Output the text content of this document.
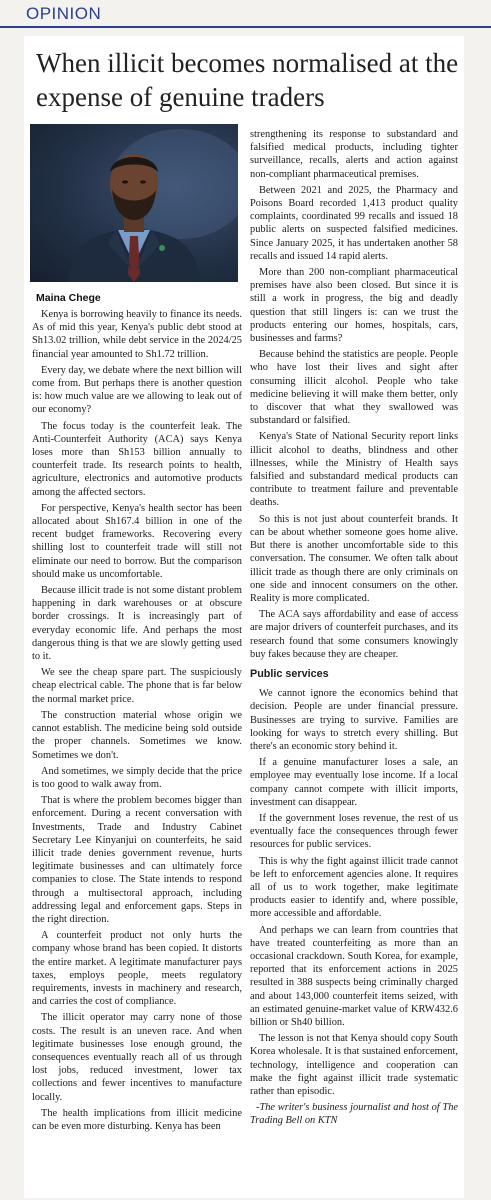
OPINION
When illicit becomes normalised at the expense of genuine traders
Maina Chege

Kenya is borrowing heavily to finance its needs. As of mid this year, Kenya's public debt stood at Sh13.02 trillion, while debt service in the 2024/25 financial year amounted to Sh1.72 trillion.

Every day, we debate where the next billion will come from. But perhaps there is another question is: how much value are we allowing to leak out of our economy?

The focus today is the counterfeit leak. The Anti-Counterfeit Authority (ACA) says Kenya loses more than Sh153 billion annually to counterfeit trade. Its research points to health, agriculture, electronics and automotive products among the affected sectors.

For perspective, Kenya's health sector has been allocated about Sh167.4 billion in one of the recent budget frameworks. Recovering every shilling lost to counterfeit trade will still not eliminate our need to borrow. But the comparison should make us uncomfortable.

Because illicit trade is not some distant problem happening in dark warehouses or at obscure border crossings. It is increasingly part of everyday economic life. And perhaps the most dangerous thing is that we are slowly getting used to it.

We see the cheap spare part. The suspiciously cheap electrical cable. The phone that is far below the normal market price.

The construction material whose origin we cannot establish. The medicine being sold outside the proper channels. Sometimes we know. Sometimes we don't.

And sometimes, we simply decide that the price is too good to walk away from.

That is where the problem becomes bigger than enforcement. During a recent conversation with Investments, Trade and Industry Cabinet Secretary Lee Kinyanjui on counterfeits, he said illicit trade denies government revenue, hurts legitimate businesses and can ultimately force companies to close. The State intends to respond through a multisectoral approach, including addressing legal and enforcement gaps. Steps in the right direction.

A counterfeit product not only hurts the company whose brand has been copied. It distorts the entire market. A legitimate manufacturer pays taxes, employs people, meets regulatory requirements, invests in machinery and research, and carries the cost of compliance.

The illicit operator may carry none of those costs. The result is an uneven race. And when legitimate businesses lose enough ground, the consequences eventually reach all of us through lost jobs, reduced investment, lower tax collections and fewer incentives to manufacture locally.

The health implications from illicit medicine can be even more disturbing. Kenya has been

strengthening its response to substandard and falsified medical products, including tighter surveillance, recalls, alerts and action against non-compliant pharmaceutical premises.

Between 2021 and 2025, the Pharmacy and Poisons Board recorded 1,413 product quality complaints, coordinated 99 recalls and issued 18 public alerts on suspected falsified medicines. Since January 2025, it has undertaken another 58 recalls and issued 14 rapid alerts.

More than 200 non-compliant pharmaceutical premises have also been closed. But since it is still a work in progress, the big and deadly question that still lingers is: can we trust the products entering our homes, hospitals, cars, businesses and farms?

Because behind the statistics are people. People who have lost their lives and sight after consuming illicit alcohol. People who take medicine believing it will make them better, only to discover that what they swallowed was substandard or falsified.

Kenya's State of National Security report links illicit alcohol to deaths, blindness and other illnesses, while the Ministry of Health says falsified and substandard medical products can contribute to treatment failure and preventable deaths.

So this is not just about counterfeit brands. It can be about whether someone goes home alive. But there is another uncomfortable side to this conversation. The consumer. We often talk about illicit trade as though there are only criminals on one side and innocent consumers on the other. Reality is more complicated.

The ACA says affordability and ease of access are major drivers of counterfeit purchases, and its research found that some consumers knowingly buy fakes because they are cheaper.

Public services

We cannot ignore the economics behind that decision. People are under financial pressure. Businesses are trying to survive. Families are looking for ways to stretch every shilling. But there's an economic story behind it.

If a genuine manufacturer loses a sale, an employee may eventually lose income. If a local company cannot compete with illicit imports, investment can disappear.

If the government loses revenue, the rest of us eventually face the consequences through fewer resources for public services.

This is why the fight against illicit trade cannot be left to enforcement agencies alone. It requires all of us to work together, make legitimate products easier to identify and, where possible, more accessible and affordable.

And perhaps we can learn from countries that have treated counterfeiting as more than an occasional crackdown. South Korea, for example, reported that its enforcement actions in 2025 resulted in 388 suspects being criminally charged and about 143,000 counterfeit items seized, with an estimated genuine-market value of KRW432.6 billion or Sh40 billion.

The lesson is not that Kenya should copy South Korea wholesale. It is that sustained enforcement, technology, intelligence and cooperation can make the fight against illicit trade systematic rather than episodic.

-The writer's business journalist and host of The Trading Bell on KTN
